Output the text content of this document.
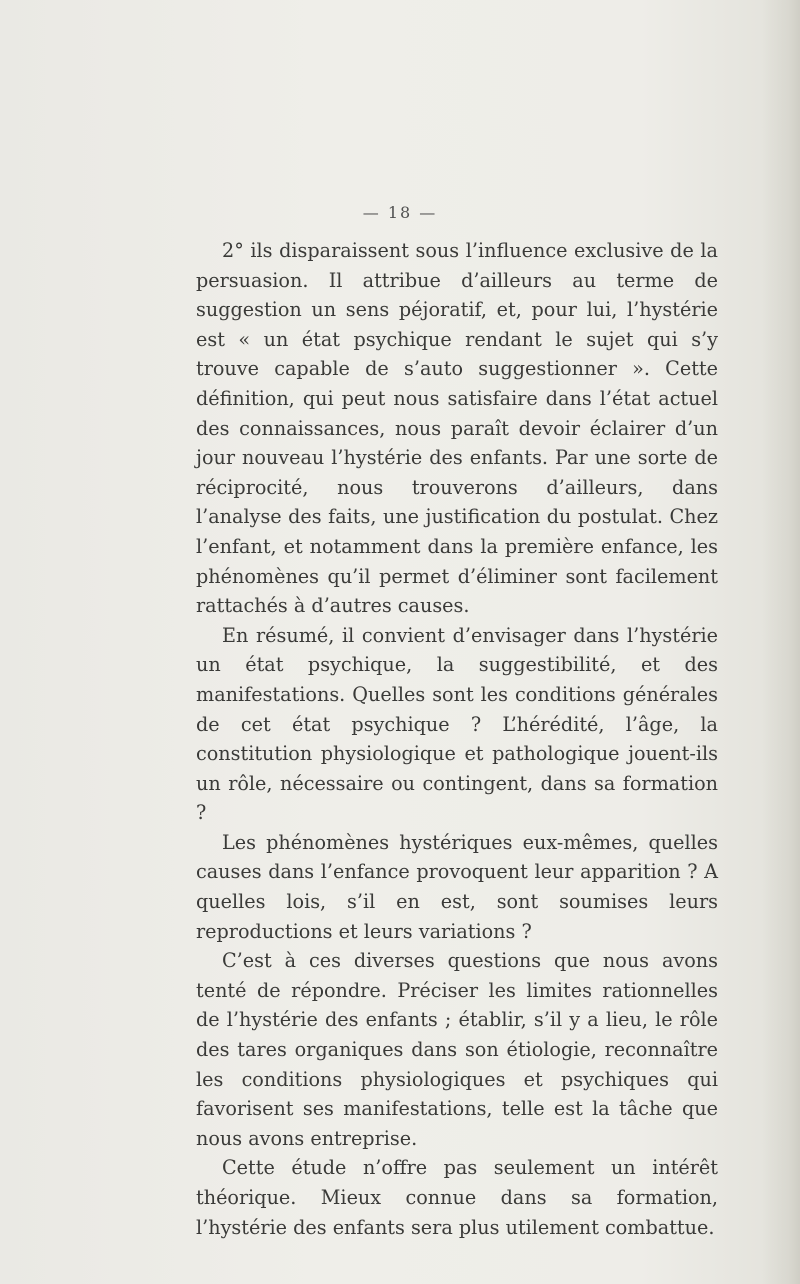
— 18 —

2° ils disparaissent sous l’influence exclusive de la persuasion. Il attribue d’ailleurs au terme de suggestion un sens péjoratif, et, pour lui, l’hystérie est « un état psychique rendant le sujet qui s’y trouve capable de s’auto suggestionner ». Cette définition, qui peut nous satisfaire dans l’état actuel des connaissances, nous paraît devoir éclairer d’un jour nouveau l’hystérie des enfants. Par une sorte de réciprocité, nous trouverons d’ailleurs, dans l’analyse des faits, une justification du postulat. Chez l’enfant, et notamment dans la première enfance, les phénomènes qu’il permet d’éliminer sont facilement rattachés à d’autres causes.

En résumé, il convient d’envisager dans l’hystérie un état psychique, la suggestibilité, et des manifestations. Quelles sont les conditions générales de cet état psychique ? L’hérédité, l’âge, la constitution physiologique et pathologique jouent-ils un rôle, nécessaire ou contingent, dans sa formation ?

Les phénomènes hystériques eux-mêmes, quelles causes dans l’enfance provoquent leur apparition ? A quelles lois, s’il en est, sont soumises leurs reproductions et leurs variations ?

C’est à ces diverses questions que nous avons tenté de répondre. Préciser les limites rationnelles de l’hystérie des enfants ; établir, s’il y a lieu, le rôle des tares organiques dans son étiologie, reconnaître les conditions physiologiques et psychiques qui favorisent ses manifestations, telle est la tâche que nous avons entreprise.

Cette étude n’offre pas seulement un intérêt théorique. Mieux connue dans sa formation, l’hystérie des enfants sera plus utilement combattue.
